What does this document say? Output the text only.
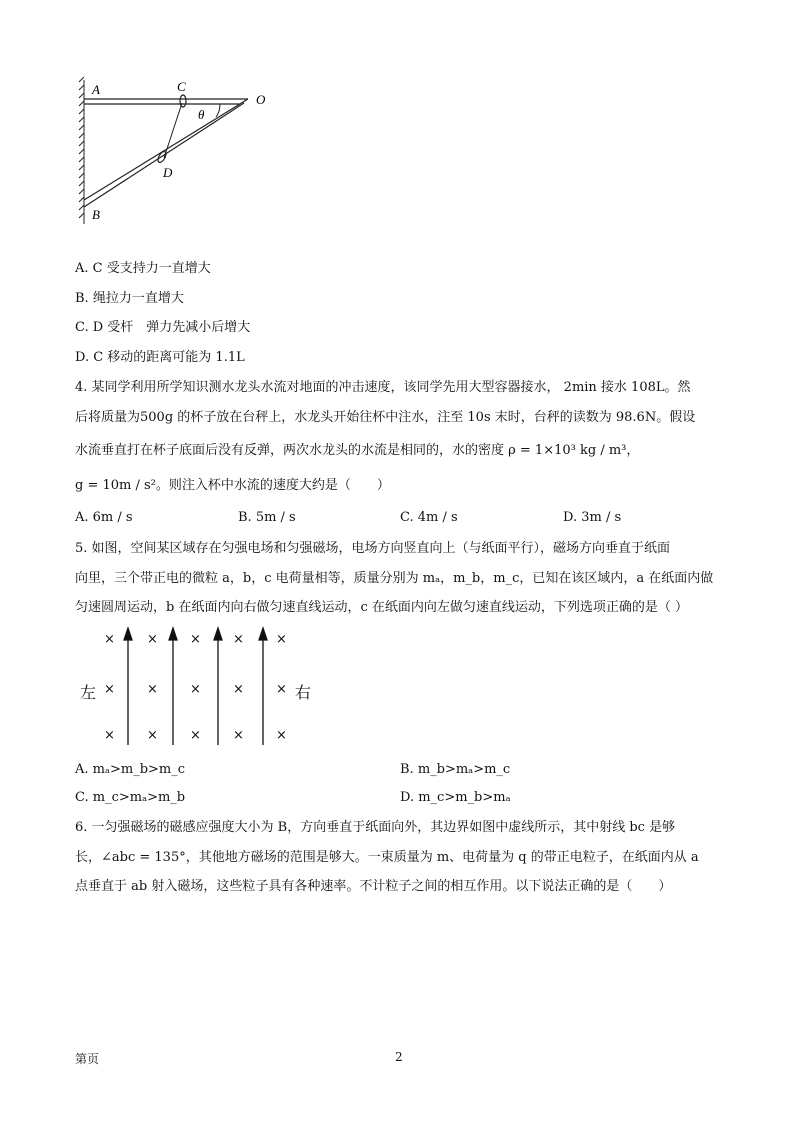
A	C
O
θ
D
B
A. C 受支持力一直增大
B. 绳拉力一直增大
C. D 受杆　弹力先减小后增大
D. C 移动的距离可能为 1.1L
4. 某同学利用所学知识测水龙头水流对地面的冲击速度，该同学先用大型容器接水， 2min 接水 108L。然
后将质量为500g 的杯子放在台秤上，水龙头开始往杯中注水，注至 10s 末时，台秤的读数为 98.6N。假设
水流垂直打在杯子底面后没有反弹，两次水龙头的水流是相同的，水的密度 ρ = 1×10³ kg / m³，
g = 10m / s²。则注入杯中水流的速度大约是（　　）
A. 6m / s	B. 5m / s	C. 4m / s	D. 3m / s
5. 如图，空间某区域存在匀强电场和匀强磁场，电场方向竖直向上（与纸面平行），磁场方向垂直于纸面
向里，三个带正电的微粒 a，b，c 电荷量相等，质量分别为 mₐ，m_b，m_c，已知在该区域内，a 在纸面内做
匀速圆周运动，b 在纸面内向右做匀速直线运动，c 在纸面内向左做匀速直线运动，下列选项正确的是（ ）
左	右
× × × × ×
× × × × ×
× × × × ×
A. mₐ>m_b>m_c	B. m_b>mₐ>m_c
C. m_c>mₐ>m_b	D. m_c>m_b>mₐ
6. 一匀强磁场的磁感应强度大小为 B，方向垂直于纸面向外，其边界如图中虚线所示，其中射线 bc 是够
长，∠abc = 135°，其他地方磁场的范围是够大。一束质量为 m、电荷量为 q 的带正电粒子，在纸面内从 a
点垂直于 ab 射入磁场，这些粒子具有各种速率。不计粒子之间的相互作用。以下说法正确的是（　　）
第页	2
